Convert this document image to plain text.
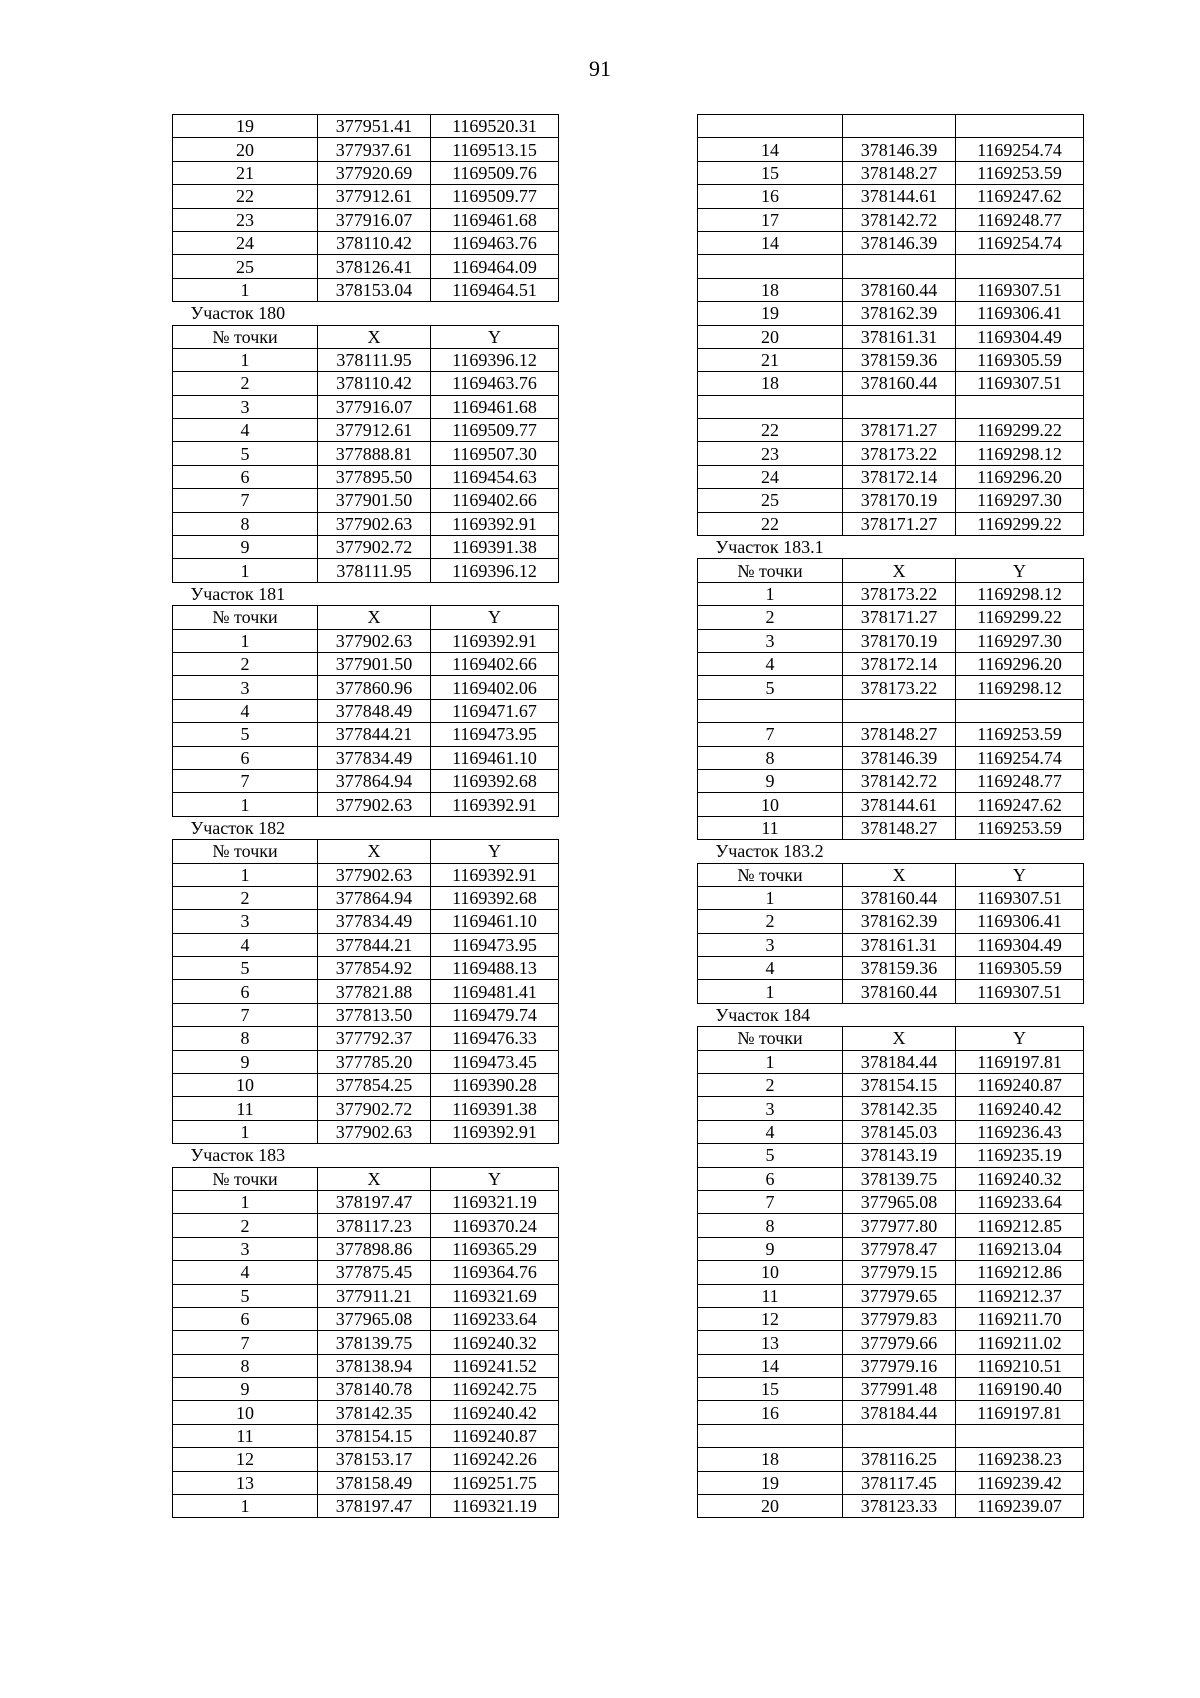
91
19	377951.41	1169520.31
20	377937.61	1169513.15
21	377920.69	1169509.76
22	377912.61	1169509.77
23	377916.07	1169461.68
24	378110.42	1169463.76
25	378126.41	1169464.09
1	378153.04	1169464.51
Участок 180		
№ точки	X	Y
1	378111.95	1169396.12
2	378110.42	1169463.76
3	377916.07	1169461.68
4	377912.61	1169509.77
5	377888.81	1169507.30
6	377895.50	1169454.63
7	377901.50	1169402.66
8	377902.63	1169392.91
9	377902.72	1169391.38
1	378111.95	1169396.12
Участок 181		
№ точки	X	Y
1	377902.63	1169392.91
2	377901.50	1169402.66
3	377860.96	1169402.06
4	377848.49	1169471.67
5	377844.21	1169473.95
6	377834.49	1169461.10
7	377864.94	1169392.68
1	377902.63	1169392.91
Участок 182		
№ точки	X	Y
1	377902.63	1169392.91
2	377864.94	1169392.68
3	377834.49	1169461.10
4	377844.21	1169473.95
5	377854.92	1169488.13
6	377821.88	1169481.41
7	377813.50	1169479.74
8	377792.37	1169476.33
9	377785.20	1169473.45
10	377854.25	1169390.28
11	377902.72	1169391.38
1	377902.63	1169392.91
Участок 183		
№ точки	X	Y
1	378197.47	1169321.19
2	378117.23	1169370.24
3	377898.86	1169365.29
4	377875.45	1169364.76
5	377911.21	1169321.69
6	377965.08	1169233.64
7	378139.75	1169240.32
8	378138.94	1169241.52
9	378140.78	1169242.75
10	378142.35	1169240.42
11	378154.15	1169240.87
12	378153.17	1169242.26
13	378158.49	1169251.75
1	378197.47	1169321.19

14	378146.39	1169254.74
15	378148.27	1169253.59
16	378144.61	1169247.62
17	378142.72	1169248.77
14	378146.39	1169254.74

18	378160.44	1169307.51
19	378162.39	1169306.41
20	378161.31	1169304.49
21	378159.36	1169305.59
18	378160.44	1169307.51

22	378171.27	1169299.22
23	378173.22	1169298.12
24	378172.14	1169296.20
25	378170.19	1169297.30
22	378171.27	1169299.22
Участок 183.1		
№ точки	X	Y
1	378173.22	1169298.12
2	378171.27	1169299.22
3	378170.19	1169297.30
4	378172.14	1169296.20
5	378173.22	1169298.12

7	378148.27	1169253.59
8	378146.39	1169254.74
9	378142.72	1169248.77
10	378144.61	1169247.62
11	378148.27	1169253.59
Участок 183.2		
№ точки	X	Y
1	378160.44	1169307.51
2	378162.39	1169306.41
3	378161.31	1169304.49
4	378159.36	1169305.59
1	378160.44	1169307.51
Участок 184		
№ точки	X	Y
1	378184.44	1169197.81
2	378154.15	1169240.87
3	378142.35	1169240.42
4	378145.03	1169236.43
5	378143.19	1169235.19
6	378139.75	1169240.32
7	377965.08	1169233.64
8	377977.80	1169212.85
9	377978.47	1169213.04
10	377979.15	1169212.86
11	377979.65	1169212.37
12	377979.83	1169211.70
13	377979.66	1169211.02
14	377979.16	1169210.51
15	377991.48	1169190.40
16	378184.44	1169197.81

18	378116.25	1169238.23
19	378117.45	1169239.42
20	378123.33	1169239.07
